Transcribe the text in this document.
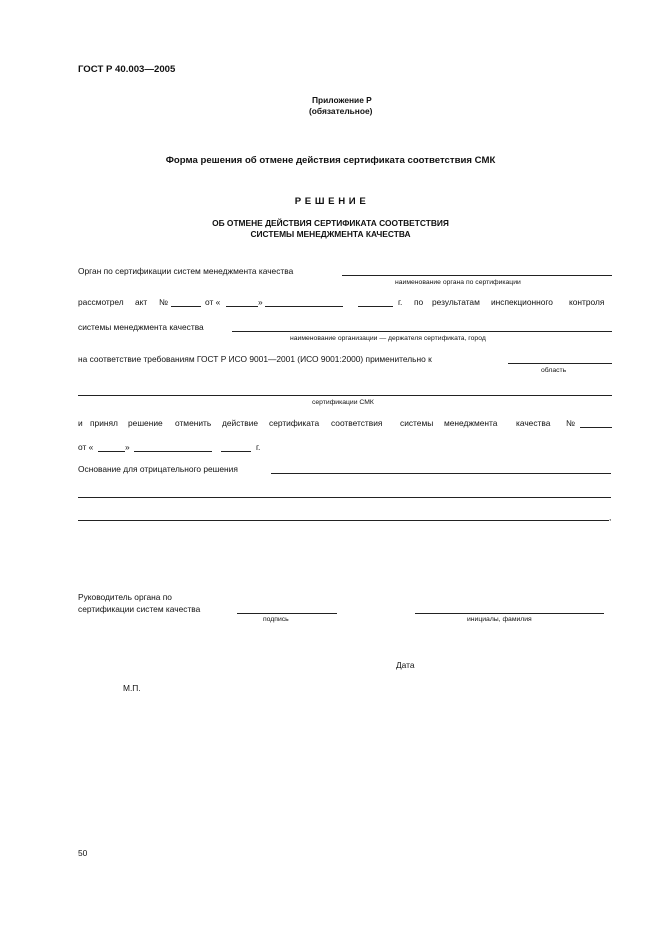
ГОСТ Р 40.003—2005
Приложение Р
(обязательное)
Форма решения об отмене действия сертификата соответствия СМК
Р Е Ш Е Н И Е
ОБ ОТМЕНЕ ДЕЙСТВИЯ СЕРТИФИКАТА СООТВЕТСТВИЯ
СИСТЕМЫ МЕНЕДЖМЕНТА КАЧЕСТВА
Орган по сертификации систем менеджмента качества
наименование органа по сертификации
рассмотрел акт №	от «	»	г. по результатам инспекционного контроля
системы менеджмента качества
наименование организации — держателя сертификата, город
на соответствие требованиям ГОСТ Р ИСО 9001—2001 (ИСО 9001:2000) применительно к
область
сертификации СМК
и принял решение отменить действие сертификата соответствия системы менеджмента качества №
от «	»	г.
Основание для отрицательного решения
,
Руководитель органа по
сертификации систем качества
подпись	инициалы, фамилия
Дата
М.П.
50
